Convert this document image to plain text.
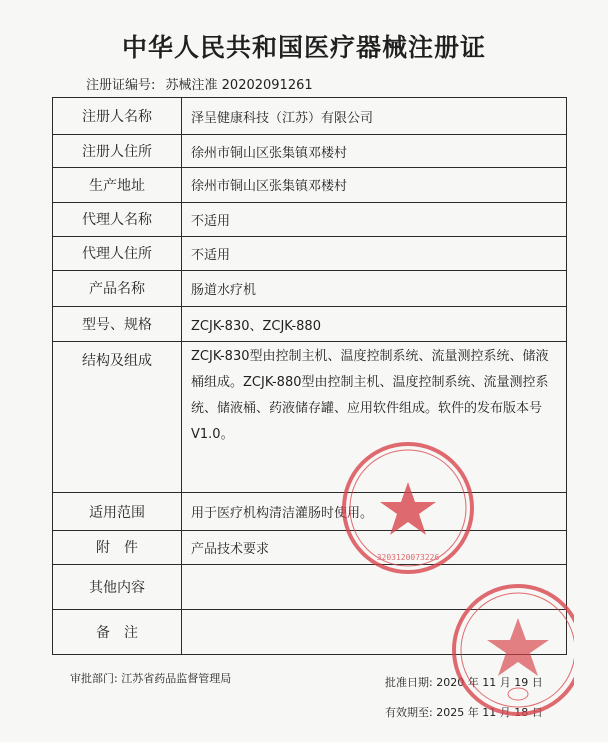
中华人民共和国医疗器械注册证
注册证编号: 苏械注准 20202091261
注册人名称	泽呈健康科技（江苏）有限公司
注册人住所	徐州市铜山区张集镇邓楼村
生产地址	徐州市铜山区张集镇邓楼村
代理人名称	不适用
代理人住所	不适用
产品名称	肠道水疗机
型号、规格	ZCJK-830、ZCJK-880
结构及组成	ZCJK-830型由控制主机、温度控制系统、流量测控系统、储液桶组成。ZCJK-880型由控制主机、温度控制系统、流量测控系统、储液桶、药液储存罐、应用软件组成。软件的发布版本号V1.0。
适用范围	用于医疗机构清洁灌肠时使用。
附　件	产品技术要求
其他内容	
备　注	
审批部门: 江苏省药品监督管理局	批准日期: 2020 年 11 月 19 日
有效期至: 2025 年 11 月 18 日
3203120073226
